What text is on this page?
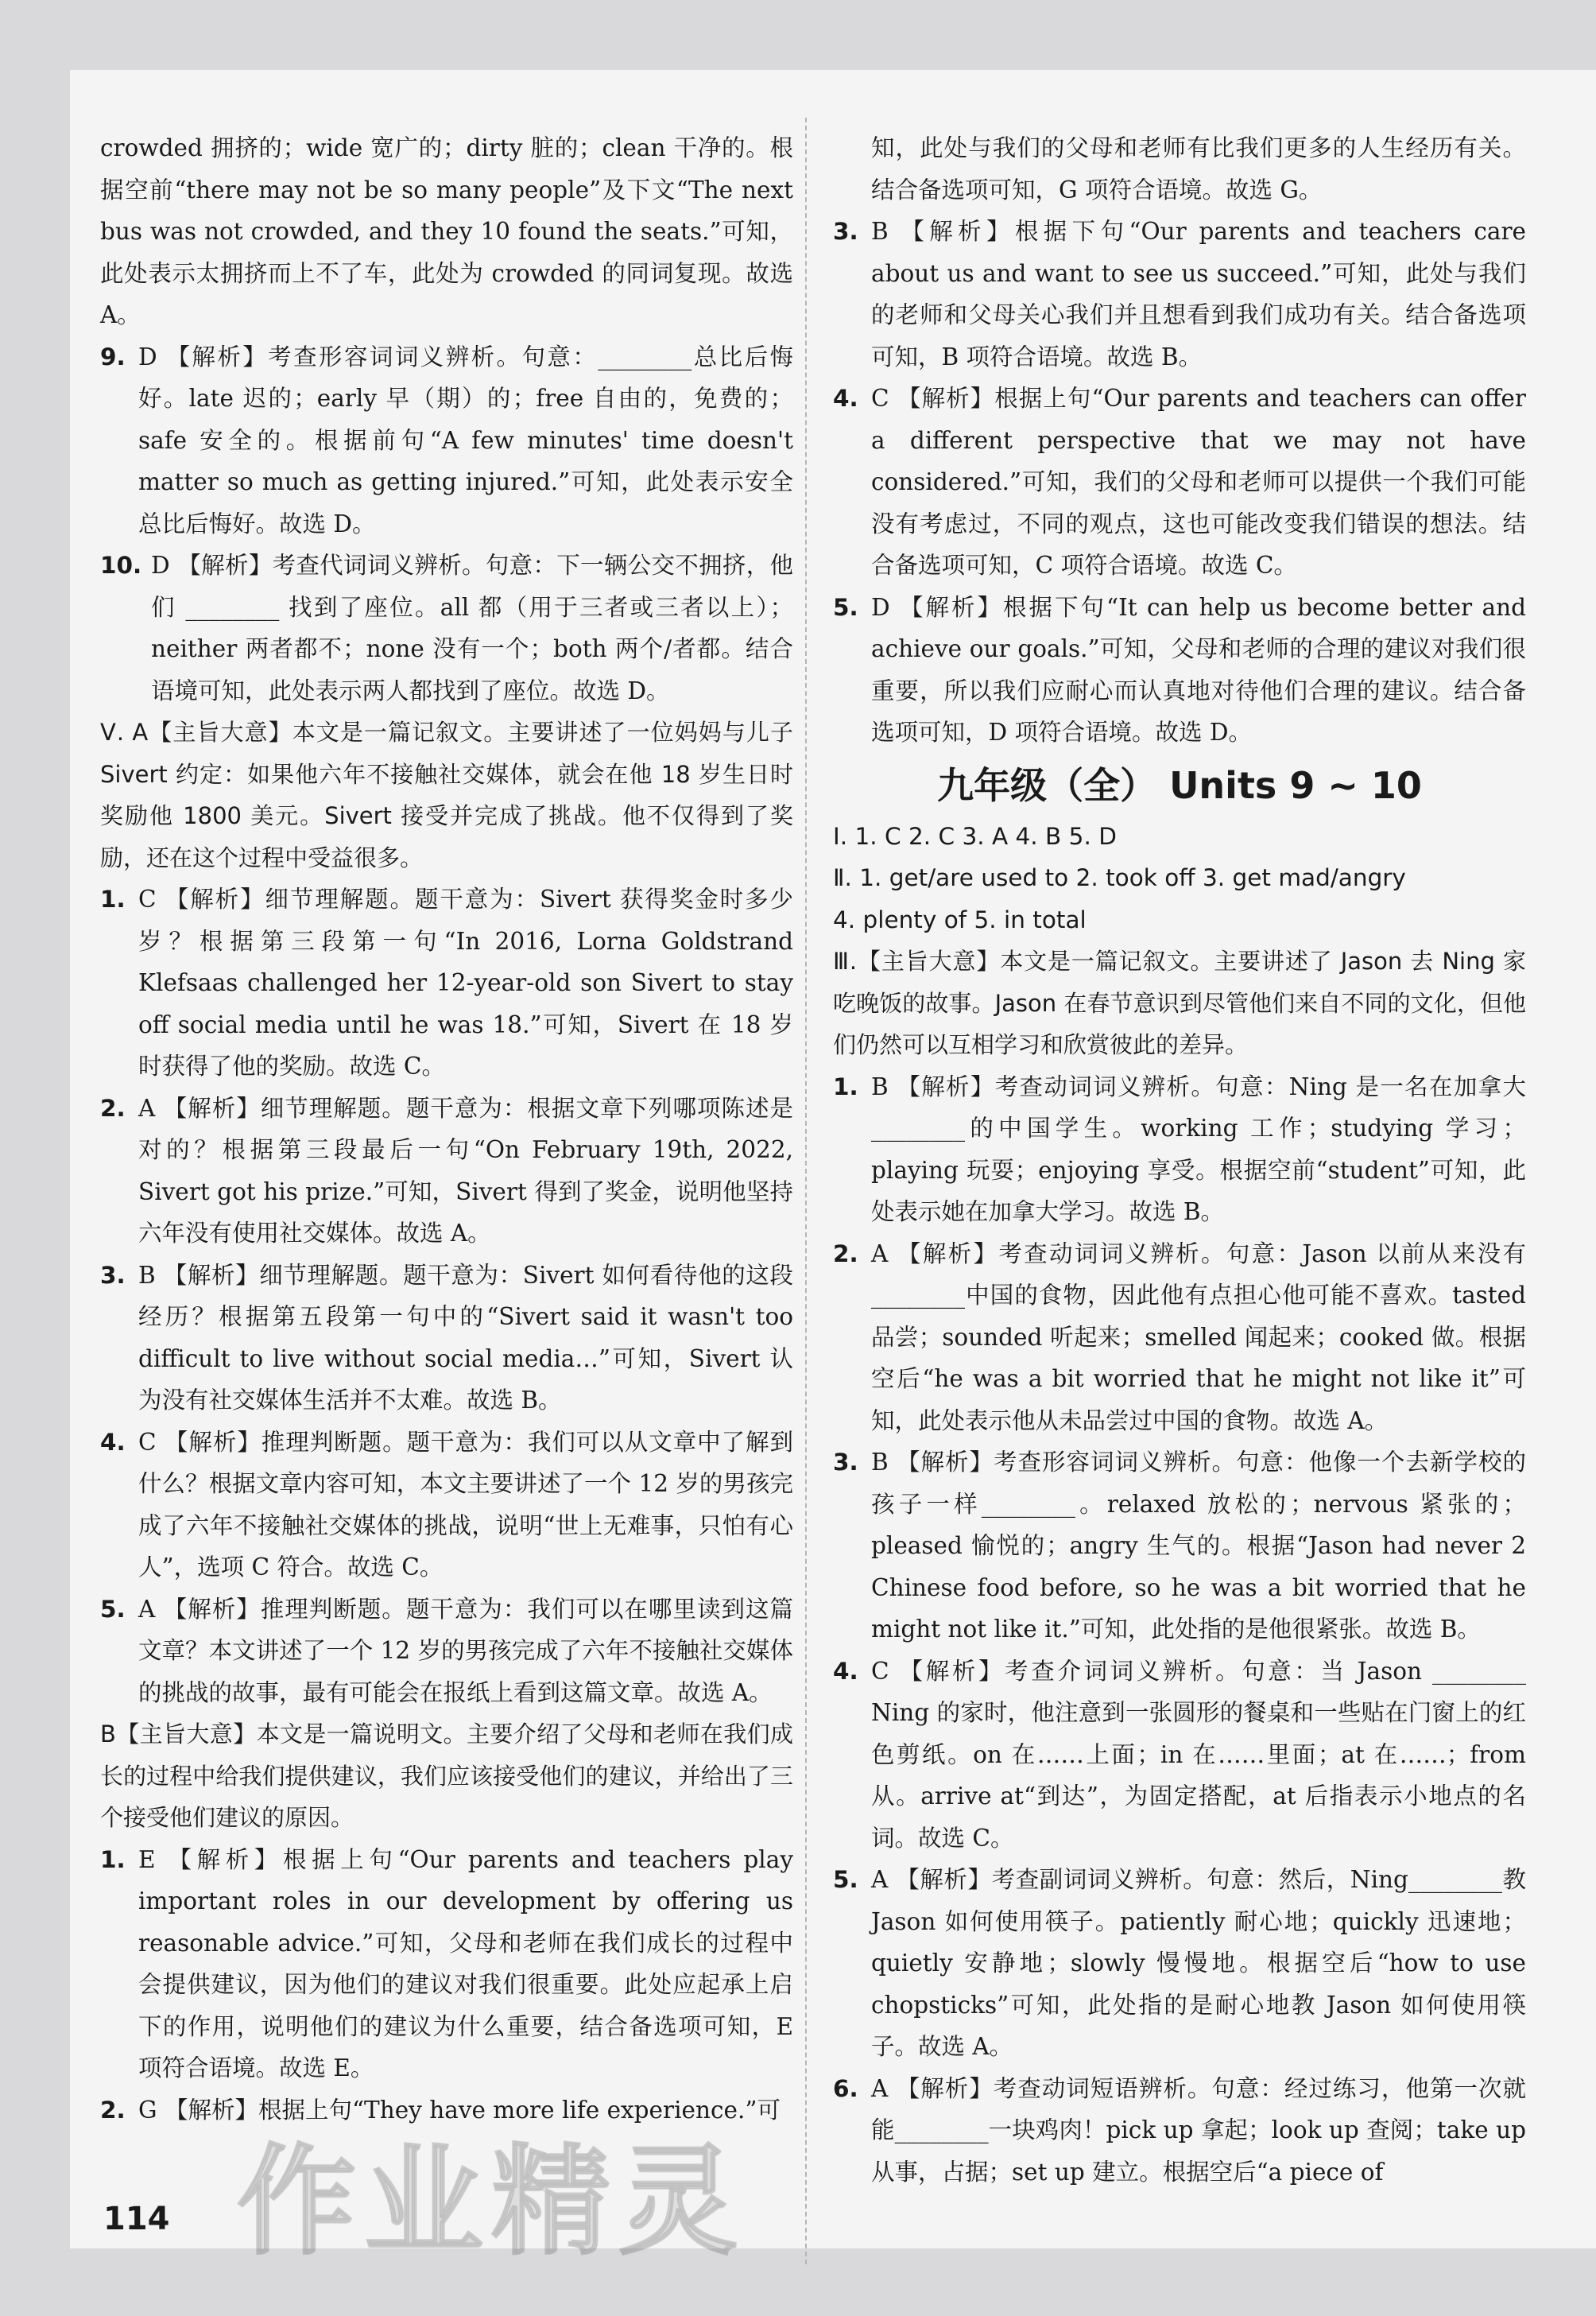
crowded 拥挤的；wide 宽广的；dirty 脏的；clean 干净的。根据空前“there may not be so many people”及下文“The next bus was not crowded, and they 10 found the seats.”可知，此处表示太拥挤而上不了车，此处为 crowded 的同词复现。故选 A。

9. D 【解析】考查形容词词义辨析。句意：________总比后悔好。late 迟的；early 早（期）的；free 自由的，免费的；safe 安全的。根据前句“A few minutes' time doesn't matter so much as getting injured.”可知，此处表示安全总比后悔好。故选 D。

10. D 【解析】考查代词词义辨析。句意：下一辆公交不拥挤，他们 ________ 找到了座位。all 都（用于三者或三者以上）；neither 两者都不；none 没有一个；both 两个/者都。结合语境可知，此处表示两人都找到了座位。故选 D。

Ⅴ. A【主旨大意】本文是一篇记叙文。主要讲述了一位妈妈与儿子 Sivert 约定：如果他六年不接触社交媒体，就会在他 18 岁生日时奖励他 1800 美元。Sivert 接受并完成了挑战。他不仅得到了奖励，还在这个过程中受益很多。

1. C 【解析】细节理解题。题干意为：Sivert 获得奖金时多少岁？根据第三段第一句“In 2016, Lorna Goldstrand Klefsaas challenged her 12-year-old son Sivert to stay off social media until he was 18.”可知，Sivert 在 18 岁时获得了他的奖励。故选 C。

2. A 【解析】细节理解题。题干意为：根据文章下列哪项陈述是对的？根据第三段最后一句“On February 19th, 2022, Sivert got his prize.”可知，Sivert 得到了奖金，说明他坚持六年没有使用社交媒体。故选 A。

3. B 【解析】细节理解题。题干意为：Sivert 如何看待他的这段经历？根据第五段第一句中的“Sivert said it wasn't too difficult to live without social media…”可知，Sivert 认为没有社交媒体生活并不太难。故选 B。

4. C 【解析】推理判断题。题干意为：我们可以从文章中了解到什么？根据文章内容可知，本文主要讲述了一个 12 岁的男孩完成了六年不接触社交媒体的挑战，说明“世上无难事，只怕有心人”，选项 C 符合。故选 C。

5. A 【解析】推理判断题。题干意为：我们可以在哪里读到这篇文章？本文讲述了一个 12 岁的男孩完成了六年不接触社交媒体的挑战的故事，最有可能会在报纸上看到这篇文章。故选 A。

B【主旨大意】本文是一篇说明文。主要介绍了父母和老师在我们成长的过程中给我们提供建议，我们应该接受他们的建议，并给出了三个接受他们建议的原因。

1. E 【解析】根据上句“Our parents and teachers play important roles in our development by offering us reasonable advice.”可知，父母和老师在我们成长的过程中会提供建议，因为他们的建议对我们很重要。此处应起承上启下的作用，说明他们的建议为什么重要，结合备选项可知，E 项符合语境。故选 E。

2. G 【解析】根据上句“They have more life experience.”可

知，此处与我们的父母和老师有比我们更多的人生经历有关。结合备选项可知，G 项符合语境。故选 G。

3. B 【解析】根据下句“Our parents and teachers care about us and want to see us succeed.”可知，此处与我们的老师和父母关心我们并且想看到我们成功有关。结合备选项可知，B 项符合语境。故选 B。

4. C 【解析】根据上句“Our parents and teachers can offer a different perspective that we may not have considered.”可知，我们的父母和老师可以提供一个我们可能没有考虑过，不同的观点，这也可能改变我们错误的想法。结合备选项可知，C 项符合语境。故选 C。

5. D 【解析】根据下句“It can help us become better and achieve our goals.”可知，父母和老师的合理的建议对我们很重要，所以我们应耐心而认真地对待他们合理的建议。结合备选项可知，D 项符合语境。故选 D。

九年级（全） Units 9 ~ 10

Ⅰ. 1. C 2. C 3. A 4. B 5. D

Ⅱ. 1. get/are used to 2. took off 3. get mad/angry

4. plenty of 5. in total

Ⅲ.【主旨大意】本文是一篇记叙文。主要讲述了 Jason 去 Ning 家吃晚饭的故事。Jason 在春节意识到尽管他们来自不同的文化，但他们仍然可以互相学习和欣赏彼此的差异。

1. B 【解析】考查动词词义辨析。句意：Ning 是一名在加拿大________的中国学生。working 工作；studying 学习；playing 玩耍；enjoying 享受。根据空前“student”可知，此处表示她在加拿大学习。故选 B。

2. A 【解析】考查动词词义辨析。句意：Jason 以前从来没有________中国的食物，因此他有点担心他可能不喜欢。tasted 品尝；sounded 听起来；smelled 闻起来；cooked 做。根据空后“he was a bit worried that he might not like it”可知，此处表示他从未品尝过中国的食物。故选 A。

3. B 【解析】考查形容词词义辨析。句意：他像一个去新学校的孩子一样________。relaxed 放松的；nervous 紧张的；pleased 愉悦的；angry 生气的。根据“Jason had never 2 Chinese food before, so he was a bit worried that he might not like it.”可知，此处指的是他很紧张。故选 B。

4. C 【解析】考查介词词义辨析。句意：当 Jason ________ Ning 的家时，他注意到一张圆形的餐桌和一些贴在门窗上的红色剪纸。on 在……上面；in 在……里面；at 在……；from 从。arrive at“到达”，为固定搭配，at 后指表示小地点的名词。故选 C。

5. A 【解析】考查副词词义辨析。句意：然后，Ning________教 Jason 如何使用筷子。patiently 耐心地；quickly 迅速地；quietly 安静地；slowly 慢慢地。根据空后“how to use chopsticks”可知，此处指的是耐心地教 Jason 如何使用筷子。故选 A。

6. A 【解析】考查动词短语辨析。句意：经过练习，他第一次就能________一块鸡肉！pick up 拿起；look up 查阅；take up 从事，占据；set up 建立。根据空后“a piece of

114 作业精灵
